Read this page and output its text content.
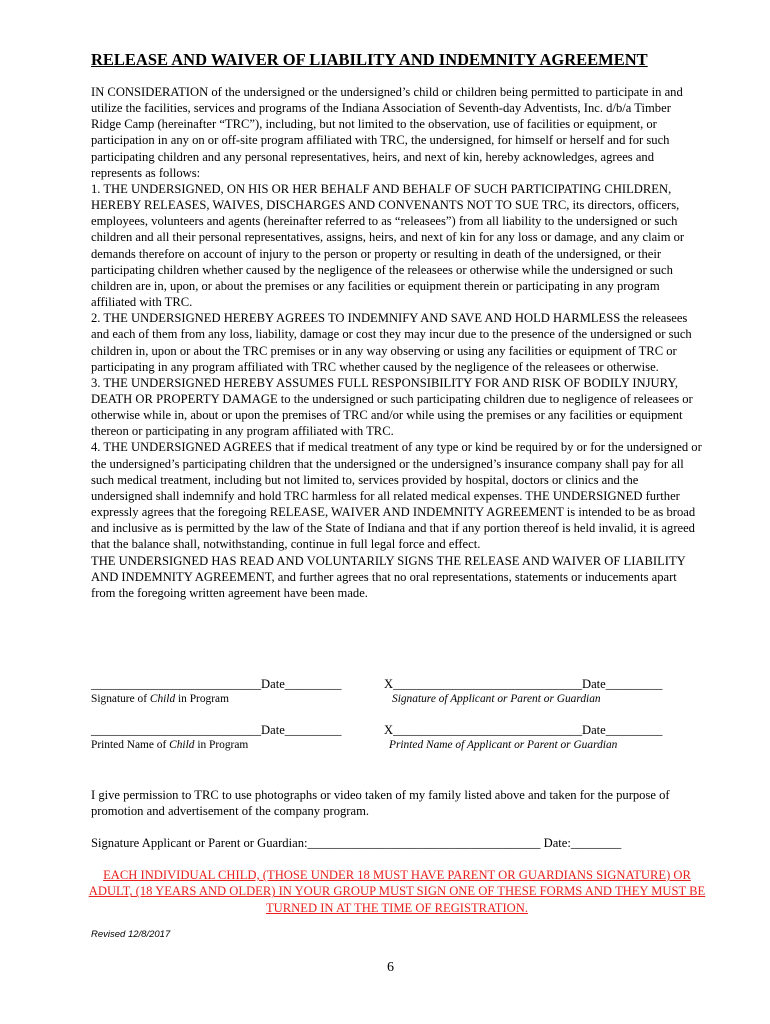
RELEASE AND WAIVER OF LIABILITY AND INDEMNITY AGREEMENT

IN CONSIDERATION of the undersigned or the undersigned’s child or children being permitted to participate in and utilize the facilities, services and programs of the Indiana Association of Seventh-day Adventists, Inc. d/b/a Timber Ridge Camp (hereinafter “TRC”), including, but not limited to the observation, use of facilities or equipment, or participation in any on or off-site program affiliated with TRC, the undersigned, for himself or herself and for such participating children and any personal representatives, heirs, and next of kin, hereby acknowledges, agrees and represents as follows:

1. THE UNDERSIGNED, ON HIS OR HER BEHALF AND BEHALF OF SUCH PARTICIPATING CHILDREN, HEREBY RELEASES, WAIVES, DISCHARGES AND CONVENANTS NOT TO SUE TRC, its directors, officers, employees, volunteers and agents (hereinafter referred to as “releasees”) from all liability to the undersigned or such children and all their personal representatives, assigns, heirs, and next of kin for any loss or damage, and any claim or demands therefore on account of injury to the person or property or resulting in death of the undersigned, or their participating children whether caused by the negligence of the releasees or otherwise while the undersigned or such children are in, upon, or about the premises or any facilities or equipment therein or participating in any program affiliated with TRC.

2. THE UNDERSIGNED HEREBY AGREES TO INDEMNIFY AND SAVE AND HOLD HARMLESS the releasees and each of them from any loss, liability, damage or cost they may incur due to the presence of the undersigned or such children in, upon or about the TRC premises or in any way observing or using any facilities or equipment of TRC or participating in any program affiliated with TRC whether caused by the negligence of the releasees or otherwise.

3. THE UNDERSIGNED HEREBY ASSUMES FULL RESPONSIBILITY FOR AND RISK OF BODILY INJURY, DEATH OR PROPERTY DAMAGE to the undersigned or such participating children due to negligence of releasees or otherwise while in, about or upon the premises of TRC and/or while using the premises or any facilities or equipment thereon or participating in any program affiliated with TRC.

4. THE UNDERSIGNED AGREES that if medical treatment of any type or kind be required by or for the undersigned or the undersigned’s participating children that the undersigned or the undersigned’s insurance company shall pay for all such medical treatment, including but not limited to, services provided by hospital, doctors or clinics and the undersigned shall indemnify and hold TRC harmless for all related medical expenses. THE UNDERSIGNED further expressly agrees that the foregoing RELEASE, WAIVER AND INDEMNITY AGREEMENT is intended to be as broad and inclusive as is permitted by the law of the State of Indiana and that if any portion thereof is held invalid, it is agreed that the balance shall, notwithstanding, continue in full legal force and effect.

THE UNDERSIGNED HAS READ AND VOLUNTARILY SIGNS THE RELEASE AND WAIVER OF LIABILITY AND INDEMNITY AGREEMENT, and further agrees that no oral representations, statements or inducements apart from the foregoing written agreement have been made.

___________________________Date_________	X______________________________Date_________
Signature of Child in Program	Signature of Applicant or Parent or Guardian
___________________________Date_________	X______________________________Date_________
Printed Name of Child in Program	Printed Name of Applicant or Parent or Guardian
I give permission to TRC to use photographs or video taken of my family listed above and taken for the purpose of promotion and advertisement of the company program.
Signature Applicant or Parent or Guardian:_____________________________________ Date:________
EACH INDIVIDUAL CHILD, (THOSE UNDER 18 MUST HAVE PARENT OR GUARDIANS SIGNATURE) OR ADULT, (18 YEARS AND OLDER) IN YOUR GROUP MUST SIGN ONE OF THESE FORMS AND THEY MUST BE TURNED IN AT THE TIME OF REGISTRATION.
Revised 12/8/2017
6
